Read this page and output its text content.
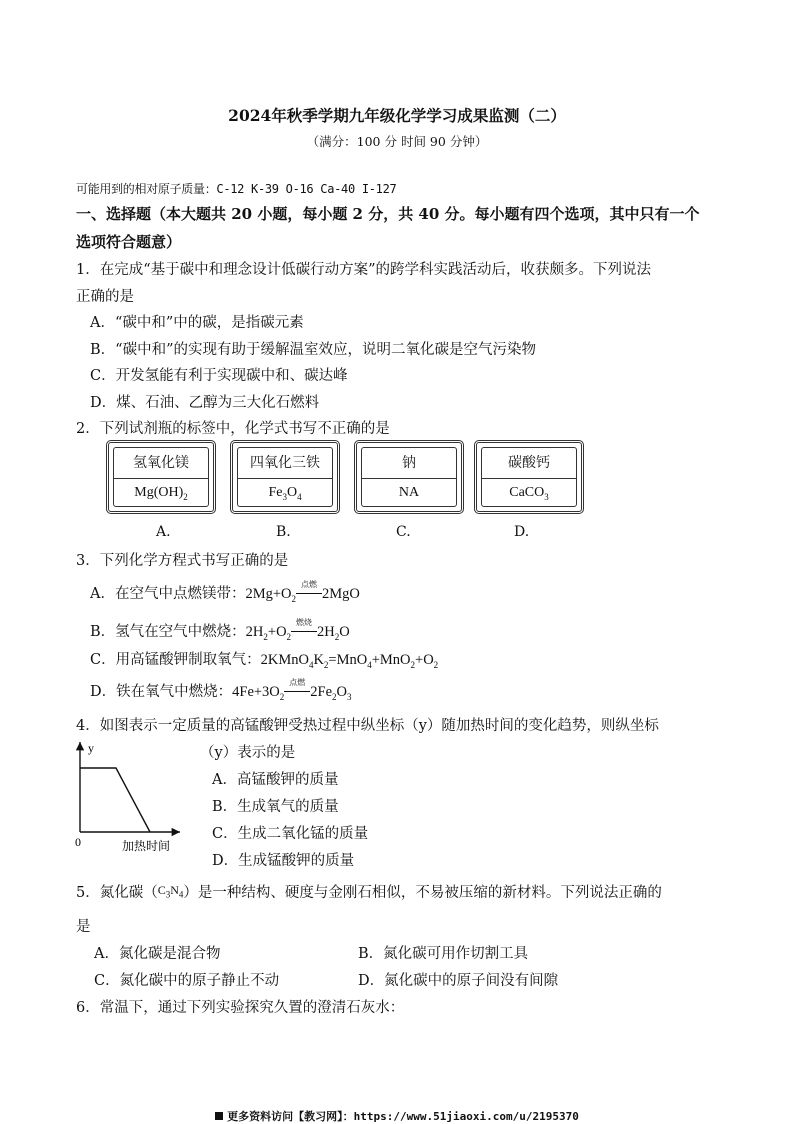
2024年秋季学期九年级化学学习成果监测（二）
（满分：100 分 时间 90 分钟）
可能用到的相对原子质量：C-12 K-39 O-16 Ca-40 I-127
一、选择题（本大题共 20 小题，每小题 2 分，共 40 分。每小题有四个选项，其中只有一个
选项符合题意）
1．在完成“基于碳中和理念设计低碳行动方案”的跨学科实践活动后，收获颇多。下列说法
正确的是
A．“碳中和”中的碳，是指碳元素
B．“碳中和”的实现有助于缓解温室效应，说明二氧化碳是空气污染物
C．开发氢能有利于实现碳中和、碳达峰
D．煤、石油、乙醇为三大化石燃料
2．下列试剂瓶的标签中，化学式书写不正确的是
氢氧化镁
$Mg(OH)_2$
四氧化三铁
$Fe_3O_4$
钠
NA
碳酸钙
CaCO$_3$
A.	B.	C.	D.
3．下列化学方程式书写正确的是
A．在空气中点燃镁带：$2Mg+O_2$
点燃
2MgO
B．氢气在空气中燃烧：$2H_2+O_2$
燃烧
$2H_2O$
C．用高锰酸钾制取氧气：$2KMnO_4K_2=MnO_4+MnO_2+O_2$
D．铁在氧气中燃烧：$4Fe+3O_2$
点燃
$2Fe_2O_3$
4．如图表示一定质量的高锰酸钾受热过程中纵坐标（y）随加热时间的变化趋势，则纵坐标
y
0	加热时间
（y）表示的是
A．高锰酸钾的质量
B．生成氧气的质量
C．生成二氧化锰的质量
D．生成锰酸钾的质量
5．氮化碳（$^{C_3N_4}$）是一种结构、硬度与金刚石相似，不易被压缩的新材料。下列说法正确的
是
A．氮化碳是混合物	B．氮化碳可用作切割工具
C．氮化碳中的原子静止不动	D．氮化碳中的原子间没有间隙
6．常温下，通过下列实验探究久置的澄清石灰水：
更多资料访问【教习网】：https://www.51jiaoxi.com/u/2195370
